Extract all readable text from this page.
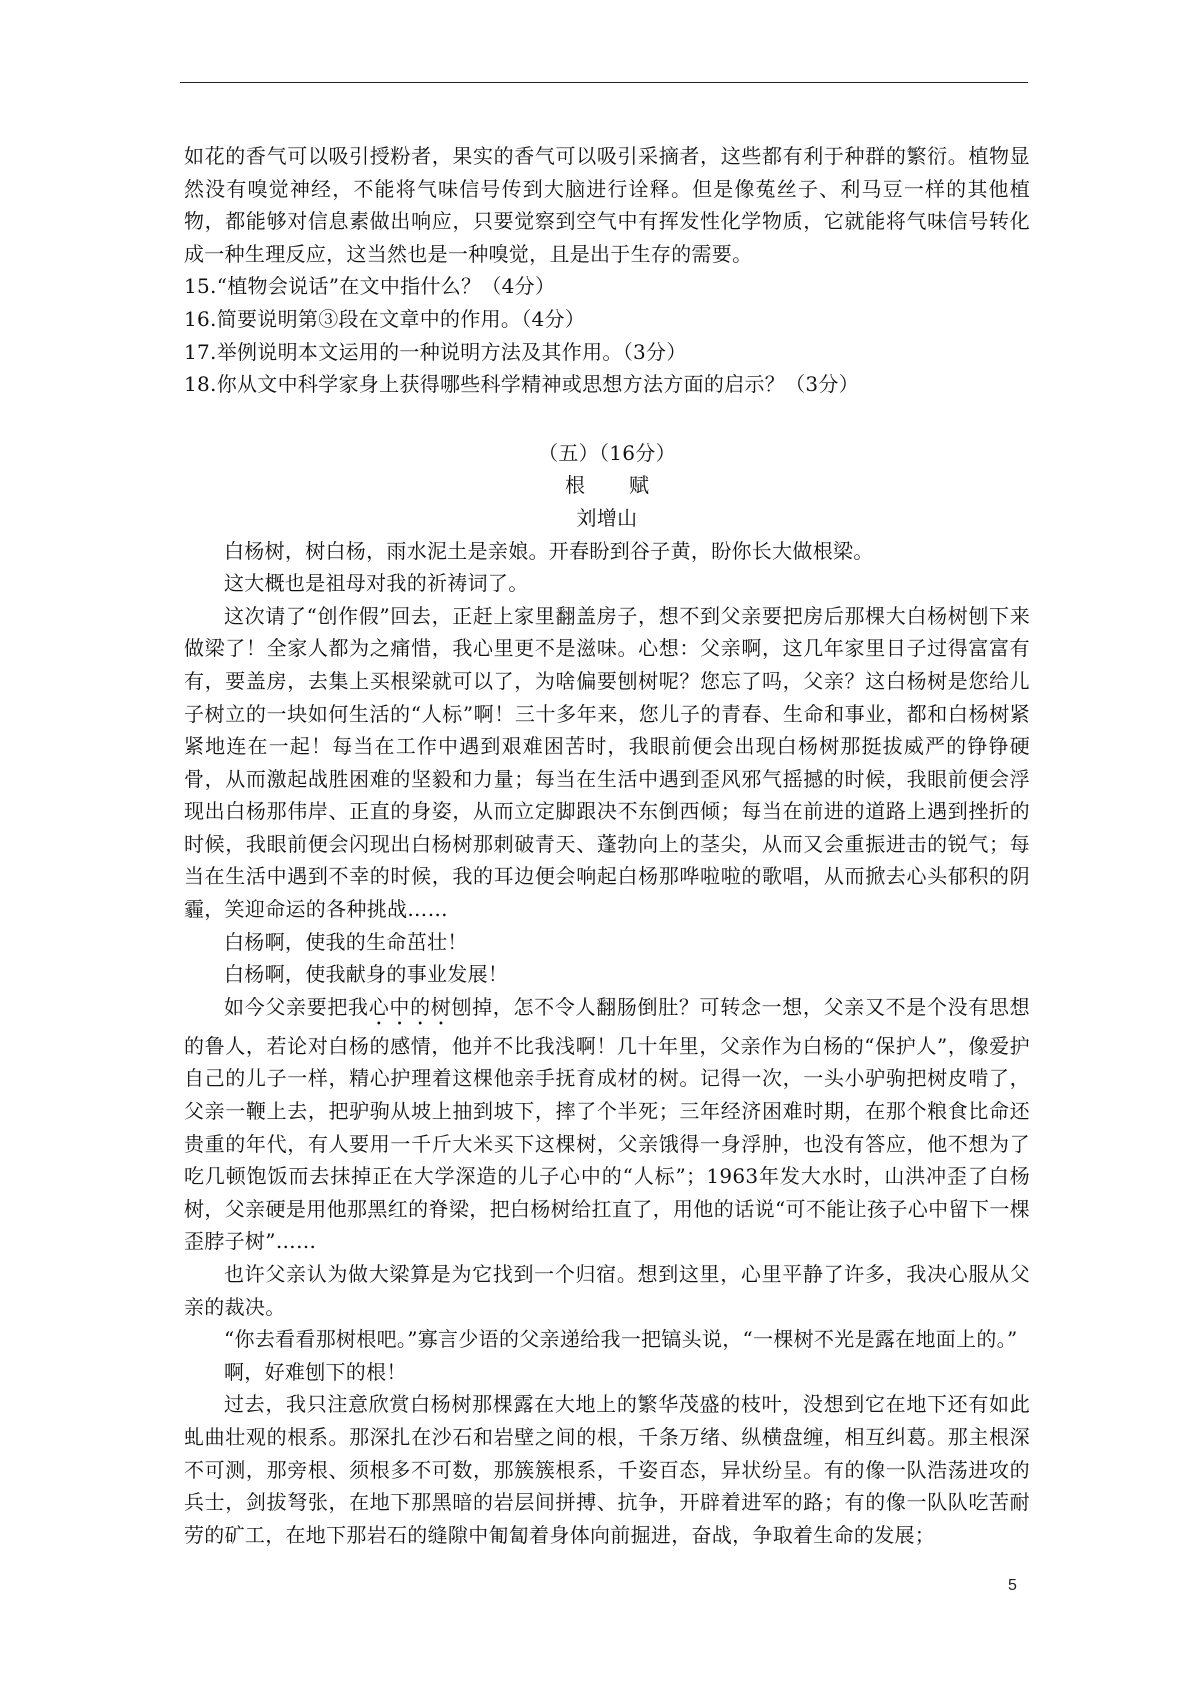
如花的香气可以吸引授粉者，果实的香气可以吸引采摘者，这些都有利于种群的繁衍。植物显然没有嗅觉神经，不能将气味信号传到大脑进行诠释。但是像菟丝子、利马豆一样的其他植物，都能够对信息素做出响应，只要觉察到空气中有挥发性化学物质，它就能将气味信号转化成一种生理反应，这当然也是一种嗅觉，且是出于生存的需要。

15.“植物会说话”在文中指什么？（4分）

16.简要说明第③段在文章中的作用。（4分）

17.举例说明本文运用的一种说明方法及其作用。（3分）

18.你从文中科学家身上获得哪些科学精神或思想方法方面的启示？（3分）

（五）（16分）

根赋

刘增山

白杨树，树白杨，雨水泥土是亲娘。开春盼到谷子黄，盼你长大做根梁。

这大概也是祖母对我的祈祷词了。

这次请了“创作假”回去，正赶上家里翻盖房子，想不到父亲要把房后那棵大白杨树刨下来做梁了！全家人都为之痛惜，我心里更不是滋味。心想：父亲啊，这几年家里日子过得富富有有，要盖房，去集上买根梁就可以了，为啥偏要刨树呢？您忘了吗，父亲？这白杨树是您给儿子树立的一块如何生活的“人标”啊！三十多年来，您儿子的青春、生命和事业，都和白杨树紧紧地连在一起！每当在工作中遇到艰难困苦时，我眼前便会出现白杨树那挺拔威严的铮铮硬骨，从而激起战胜困难的坚毅和力量；每当在生活中遇到歪风邪气摇撼的时候，我眼前便会浮现出白杨那伟岸、正直的身姿，从而立定脚跟决不东倒西倾；每当在前进的道路上遇到挫折的时候，我眼前便会闪现出白杨树那刺破青天、蓬勃向上的茎尖，从而又会重振进击的锐气；每当在生活中遇到不幸的时候，我的耳边便会响起白杨那哗啦啦的歌唱，从而掀去心头郁积的阴霾，笑迎命运的各种挑战……

白杨啊，使我的生命茁壮！

白杨啊，使我献身的事业发展！

如今父亲要把我心中的树刨掉，怎不令人翻肠倒肚？可转念一想，父亲又不是个没有思想的鲁人，若论对白杨的感情，他并不比我浅啊！几十年里，父亲作为白杨的“保护人”，像爱护自己的儿子一样，精心护理着这棵他亲手抚育成材的树。记得一次，一头小驴驹把树皮啃了，父亲一鞭上去，把驴驹从坡上抽到坡下，摔了个半死；三年经济困难时期，在那个粮食比命还贵重的年代，有人要用一千斤大米买下这棵树，父亲饿得一身浮肿，也没有答应，他不想为了吃几顿饱饭而去抹掉正在大学深造的儿子心中的“人标”；1963年发大水时，山洪冲歪了白杨树，父亲硬是用他那黑红的脊梁，把白杨树给扛直了，用他的话说“可不能让孩子心中留下一棵歪脖子树”……

也许父亲认为做大梁算是为它找到一个归宿。想到这里，心里平静了许多，我决心服从父亲的裁决。

“你去看看那树根吧。”寡言少语的父亲递给我一把镐头说，“一棵树不光是露在地面上的。”

啊，好难刨下的根！

过去，我只注意欣赏白杨树那棵露在大地上的繁华茂盛的枝叶，没想到它在地下还有如此虬曲壮观的根系。那深扎在沙石和岩壁之间的根，千条万绪、纵横盘缠，相互纠葛。那主根深不可测，那旁根、须根多不可数，那簇簇根系，千姿百态，异状纷呈。有的像一队浩荡进攻的兵士，剑拔弩张，在地下那黑暗的岩层间拼搏、抗争，开辟着进军的路；有的像一队队吃苦耐劳的矿工，在地下那岩石的缝隙中匍匐着身体向前掘进，奋战，争取着生命的发展；

5
